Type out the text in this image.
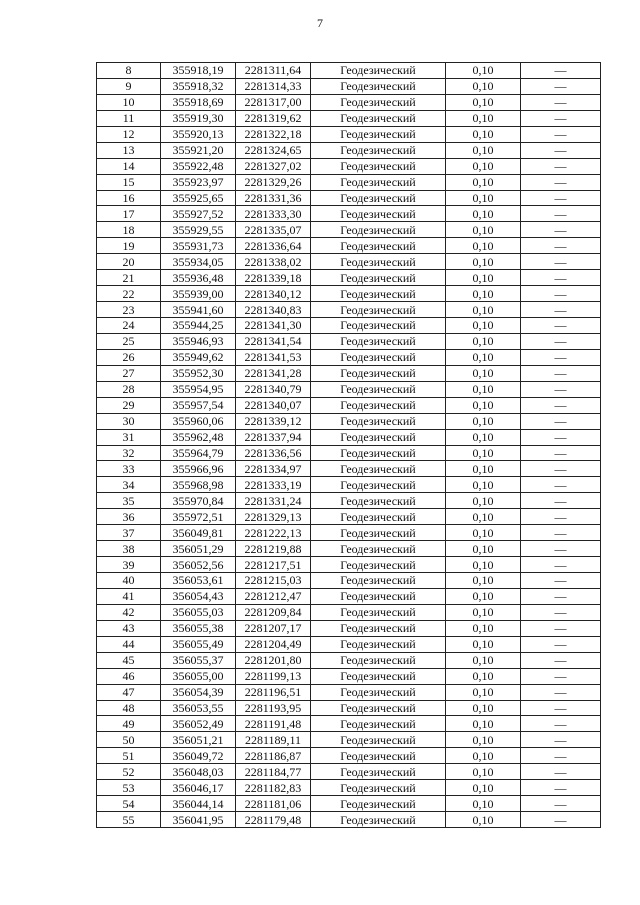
7
8	355918,19	2281311,64	Геодезический	0,10	—
9	355918,32	2281314,33	Геодезический	0,10	—
10	355918,69	2281317,00	Геодезический	0,10	—
11	355919,30	2281319,62	Геодезический	0,10	—
12	355920,13	2281322,18	Геодезический	0,10	—
13	355921,20	2281324,65	Геодезический	0,10	—
14	355922,48	2281327,02	Геодезический	0,10	—
15	355923,97	2281329,26	Геодезический	0,10	—
16	355925,65	2281331,36	Геодезический	0,10	—
17	355927,52	2281333,30	Геодезический	0,10	—
18	355929,55	2281335,07	Геодезический	0,10	—
19	355931,73	2281336,64	Геодезический	0,10	—
20	355934,05	2281338,02	Геодезический	0,10	—
21	355936,48	2281339,18	Геодезический	0,10	—
22	355939,00	2281340,12	Геодезический	0,10	—
23	355941,60	2281340,83	Геодезический	0,10	—
24	355944,25	2281341,30	Геодезический	0,10	—
25	355946,93	2281341,54	Геодезический	0,10	—
26	355949,62	2281341,53	Геодезический	0,10	—
27	355952,30	2281341,28	Геодезический	0,10	—
28	355954,95	2281340,79	Геодезический	0,10	—
29	355957,54	2281340,07	Геодезический	0,10	—
30	355960,06	2281339,12	Геодезический	0,10	—
31	355962,48	2281337,94	Геодезический	0,10	—
32	355964,79	2281336,56	Геодезический	0,10	—
33	355966,96	2281334,97	Геодезический	0,10	—
34	355968,98	2281333,19	Геодезический	0,10	—
35	355970,84	2281331,24	Геодезический	0,10	—
36	355972,51	2281329,13	Геодезический	0,10	—
37	356049,81	2281222,13	Геодезический	0,10	—
38	356051,29	2281219,88	Геодезический	0,10	—
39	356052,56	2281217,51	Геодезический	0,10	—
40	356053,61	2281215,03	Геодезический	0,10	—
41	356054,43	2281212,47	Геодезический	0,10	—
42	356055,03	2281209,84	Геодезический	0,10	—
43	356055,38	2281207,17	Геодезический	0,10	—
44	356055,49	2281204,49	Геодезический	0,10	—
45	356055,37	2281201,80	Геодезический	0,10	—
46	356055,00	2281199,13	Геодезический	0,10	—
47	356054,39	2281196,51	Геодезический	0,10	—
48	356053,55	2281193,95	Геодезический	0,10	—
49	356052,49	2281191,48	Геодезический	0,10	—
50	356051,21	2281189,11	Геодезический	0,10	—
51	356049,72	2281186,87	Геодезический	0,10	—
52	356048,03	2281184,77	Геодезический	0,10	—
53	356046,17	2281182,83	Геодезический	0,10	—
54	356044,14	2281181,06	Геодезический	0,10	—
55	356041,95	2281179,48	Геодезический	0,10	—
